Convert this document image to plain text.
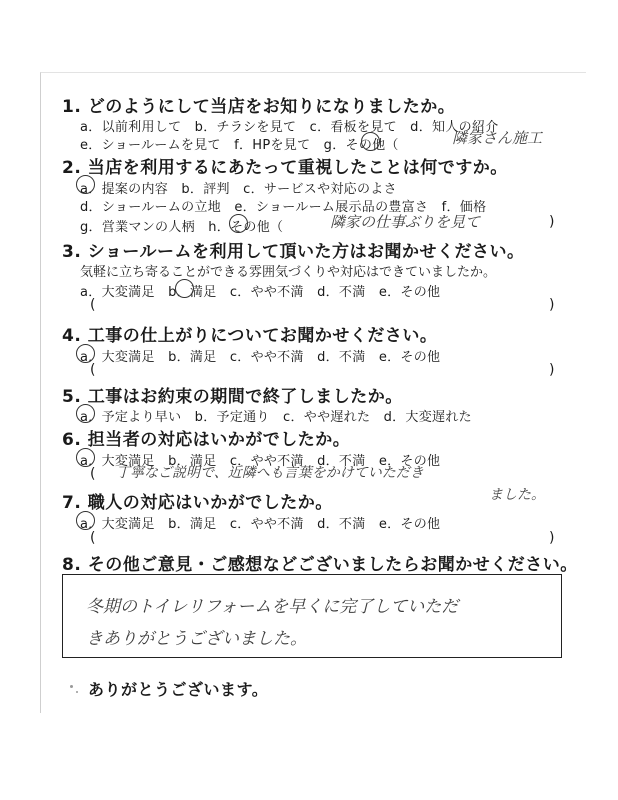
1. どのようにして当店をお知りになりましたか。
a．以前利用して　b．チラシを見て　c．看板を見て　d．知人の紹介
e．ショールームを見て　f．HPを見て　g．その他（	隣家さん施工
2. 当店を利用するにあたって重視したことは何ですか。
a．提案の内容　b．評判　c．サービスや対応のよさ
d．ショールームの立地　e．ショールーム展示品の豊富さ　f．価格
g．営業マンの人柄　h．その他（	隣家の仕事ぶりを見て	)
3. ショールームを利用して頂いた方はお聞かせください。
気軽に立ち寄ることができる雰囲気づくりや対応はできていましたか。
a．大変満足　b．満足　c．やや不満　d．不満　e．その他
(	)
4. 工事の仕上がりについてお聞かせください。
a．大変満足　b．満足　c．やや不満　d．不満　e．その他
(	)
5. 工事はお約束の期間で終了しましたか。
a．予定より早い　b．予定通り　c．やや遅れた　d．大変遅れた
6. 担当者の対応はいかがでしたか。
a．大変満足　b．満足　c．やや不満　d．不満　e．その他
( 丁寧なご説明で、近隣へも言葉をかけていただき
ました。
7. 職人の対応はいかがでしたか。
a．大変満足　b．満足　c．やや不満　d．不満　e．その他
(	)
8. その他ご意見・ご感想などございましたらお聞かせください。
冬期のトイレリフォームを早くに完了していただ
きありがとうございました。
ありがとうございます。
